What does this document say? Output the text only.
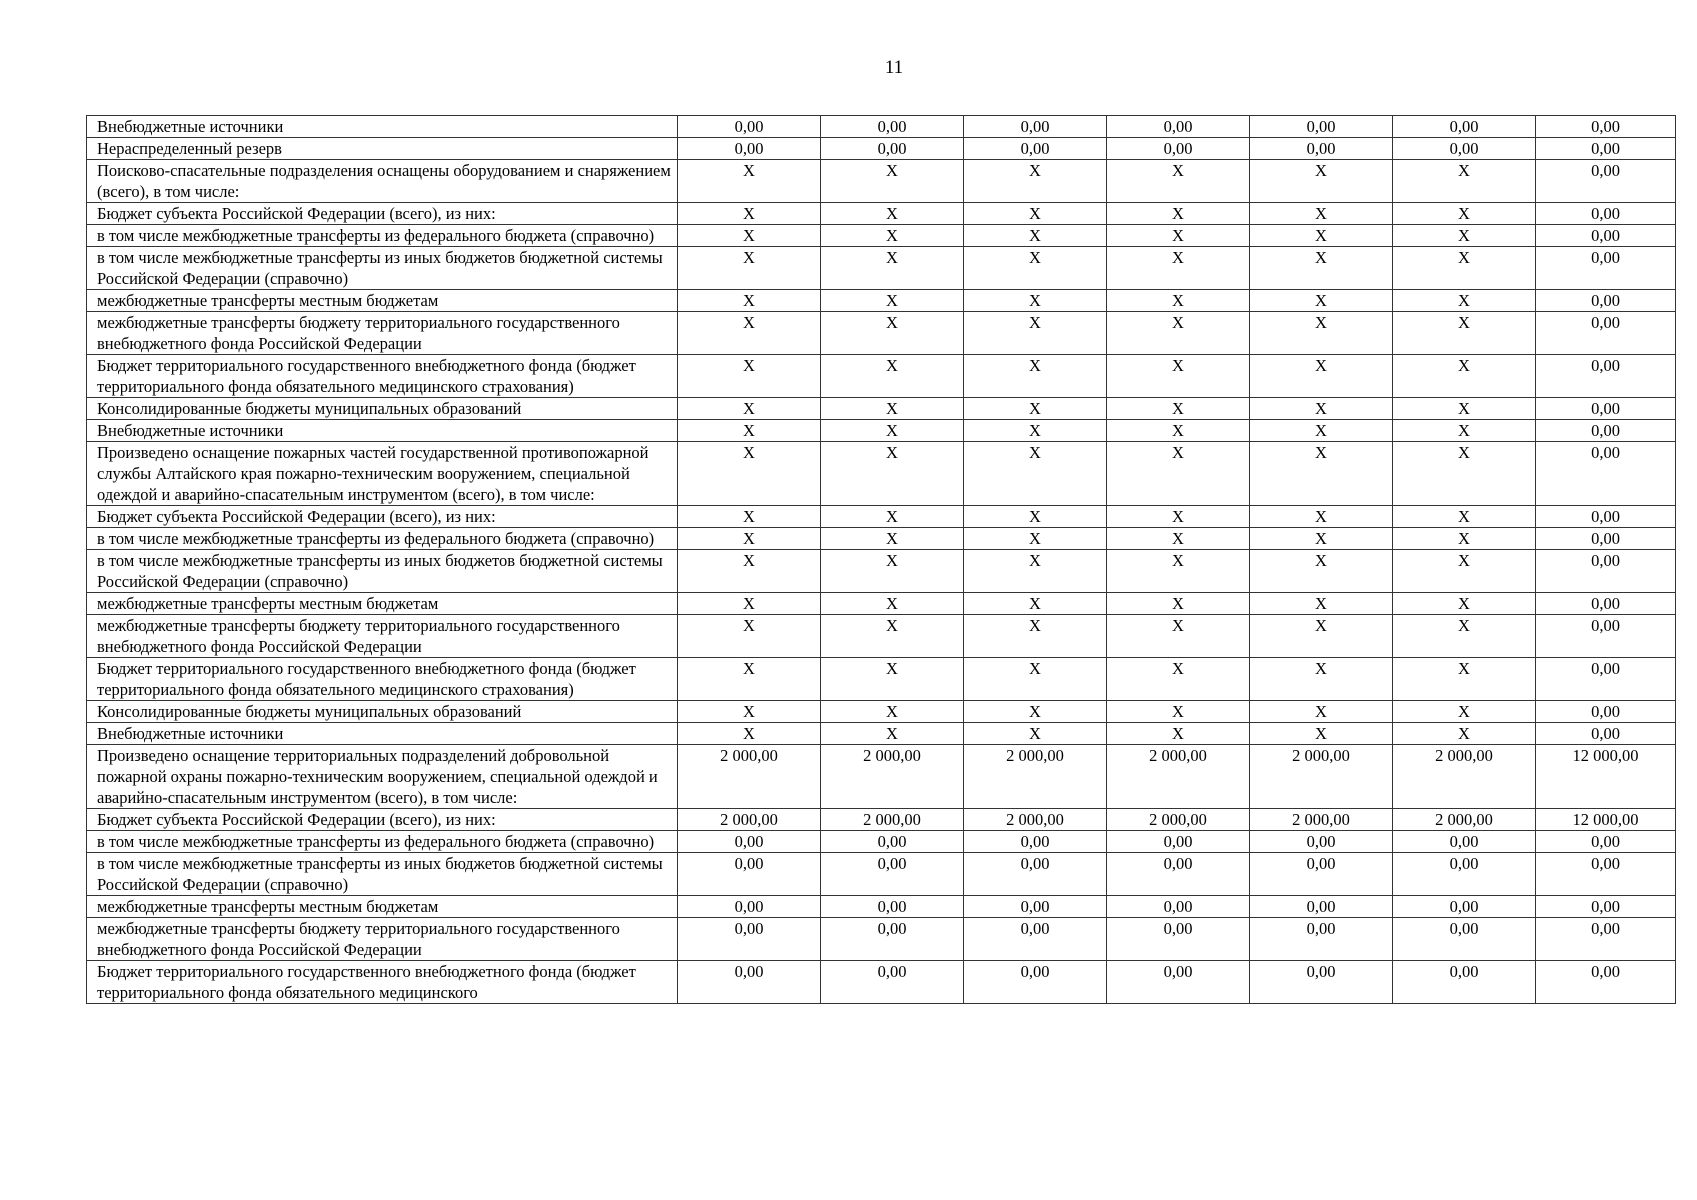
11
Внебюджетные источники	0,00	0,00	0,00	0,00	0,00	0,00	0,00
Нераспределенный резерв	0,00	0,00	0,00	0,00	0,00	0,00	0,00
Поисково-спасательные подразделения оснащены оборудованием и снаряжением (всего), в том числе:	X	X	X	X	X	X	0,00
Бюджет субъекта Российской Федерации (всего), из них:	X	X	X	X	X	X	0,00
в том числе межбюджетные трансферты из федерального бюджета (справочно)	X	X	X	X	X	X	0,00
в том числе межбюджетные трансферты из иных бюджетов бюджетной системы Российской Федерации (справочно)	X	X	X	X	X	X	0,00
межбюджетные трансферты местным бюджетам	X	X	X	X	X	X	0,00
межбюджетные трансферты бюджету территориального государственного внебюджетного фонда Российской Федерации	X	X	X	X	X	X	0,00
Бюджет территориального государственного внебюджетного фонда (бюджет территориального фонда обязательного медицинского страхования)	X	X	X	X	X	X	0,00
Консолидированные бюджеты муниципальных образований	X	X	X	X	X	X	0,00
Внебюджетные источники	X	X	X	X	X	X	0,00
Произведено оснащение пожарных частей государственной противопожарной службы Алтайского края пожарно-техническим вооружением, специальной одеждой и аварийно-спасательным инструментом (всего), в том числе:	X	X	X	X	X	X	0,00
Бюджет субъекта Российской Федерации (всего), из них:	X	X	X	X	X	X	0,00
в том числе межбюджетные трансферты из федерального бюджета (справочно)	X	X	X	X	X	X	0,00
в том числе межбюджетные трансферты из иных бюджетов бюджетной системы Российской Федерации (справочно)	X	X	X	X	X	X	0,00
межбюджетные трансферты местным бюджетам	X	X	X	X	X	X	0,00
межбюджетные трансферты бюджету территориального государственного внебюджетного фонда Российской Федерации	X	X	X	X	X	X	0,00
Бюджет территориального государственного внебюджетного фонда (бюджет территориального фонда обязательного медицинского страхования)	X	X	X	X	X	X	0,00
Консолидированные бюджеты муниципальных образований	X	X	X	X	X	X	0,00
Внебюджетные источники	X	X	X	X	X	X	0,00
Произведено оснащение территориальных подразделений добровольной пожарной охраны пожарно-техническим вооружением, специальной одеждой и аварийно-спасательным инструментом (всего), в том числе:	2 000,00	2 000,00	2 000,00	2 000,00	2 000,00	2 000,00	12 000,00
Бюджет субъекта Российской Федерации (всего), из них:	2 000,00	2 000,00	2 000,00	2 000,00	2 000,00	2 000,00	12 000,00
в том числе межбюджетные трансферты из федерального бюджета (справочно)	0,00	0,00	0,00	0,00	0,00	0,00	0,00
в том числе межбюджетные трансферты из иных бюджетов бюджетной системы Российской Федерации (справочно)	0,00	0,00	0,00	0,00	0,00	0,00	0,00
межбюджетные трансферты местным бюджетам	0,00	0,00	0,00	0,00	0,00	0,00	0,00
межбюджетные трансферты бюджету территориального государственного внебюджетного фонда Российской Федерации	0,00	0,00	0,00	0,00	0,00	0,00	0,00
Бюджет территориального государственного внебюджетного фонда (бюджет территориального фонда обязательного медицинского	0,00	0,00	0,00	0,00	0,00	0,00	0,00
